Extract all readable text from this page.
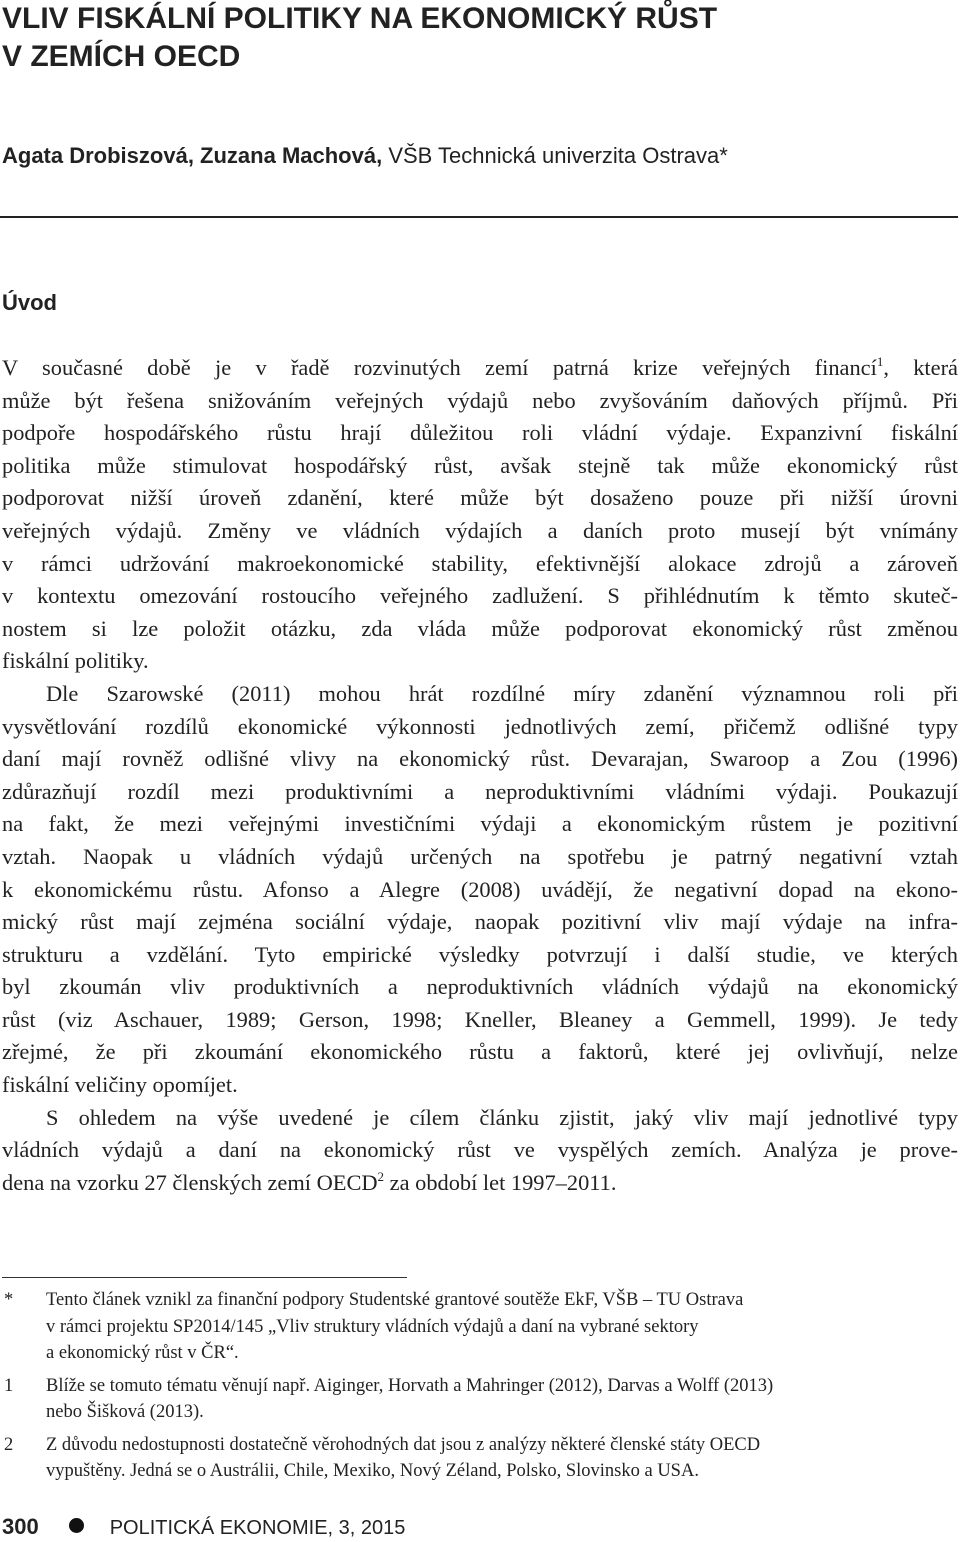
VLIV FISKÁLNÍ POLITIKY NA EKONOMICKÝ RŮST
V ZEMÍCH OECD
Agata Drobiszová, Zuzana Machová, VŠB Technická univerzita Ostrava*
Úvod
V současné době je v řadě rozvinutých zemí patrná krize veřejných financí$^1$, která
může být řešena snižováním veřejných výdajů nebo zvyšováním daňových příjmů. Při
podpoře hospodářského růstu hrají důležitou roli vládní výdaje. Expanzivní fiskální
politika může stimulovat hospodářský růst, avšak stejně tak může ekonomický růst
podporovat nižší úroveň zdanění, které může být dosaženo pouze při nižší úrovni
veřejných výdajů. Změny ve vládních výdajích a daních proto musejí být vnímány
v rámci udržování makroekonomické stability, efektivnější alokace zdrojů a zároveň
v kontextu omezování rostoucího veřejného zadlužení. S přihlédnutím k těmto skuteč-
nostem si lze položit otázku, zda vláda může podporovat ekonomický růst změnou
fiskální politiky.
Dle Szarowské (2011) mohou hrát rozdílné míry zdanění významnou roli při
vysvětlování rozdílů ekonomické výkonnosti jednotlivých zemí, přičemž odlišné typy
daní mají rovněž odlišné vlivy na ekonomický růst. Devarajan, Swaroop a Zou (1996)
zdůrazňují rozdíl mezi produktivními a neproduktivními vládními výdaji. Poukazují
na fakt, že mezi veřejnými investičními výdaji a ekonomickým růstem je pozitivní
vztah. Naopak u vládních výdajů určených na spotřebu je patrný negativní vztah
k ekonomickému růstu. Afonso a Alegre (2008) uvádějí, že negativní dopad na ekono-
mický růst mají zejména sociální výdaje, naopak pozitivní vliv mají výdaje na infra-
strukturu a vzdělání. Tyto empirické výsledky potvrzují i další studie, ve kterých
byl zkoumán vliv produktivních a neproduktivních vládních výdajů na ekonomický
růst (viz Aschauer, 1989; Gerson, 1998; Kneller, Bleaney a Gemmell, 1999). Je tedy
zřejmé, že při zkoumání ekonomického růstu a faktorů, které jej ovlivňují, nelze
fiskální veličiny opomíjet.
S ohledem na výše uvedené je cílem článku zjistit, jaký vliv mají jednotlivé typy
vládních výdajů a daní na ekonomický růst ve vyspělých zemích. Analýza je prove-
dena na vzorku 27 členských zemí OECD$^2$ za období let 1997–2011.
* Tento článek vznikl za finanční podpory Studentské grantové soutěže EkF, VŠB – TU Ostrava
v rámci projektu SP2014/145 „Vliv struktury vládních výdajů a daní na vybrané sektory
a ekonomický růst v ČR“.
1 Blíže se tomuto tématu věnují např. Aiginger, Horvath a Mahringer (2012), Darvas a Wolff (2013)
nebo Šišková (2013).
2 Z důvodu nedostupnosti dostatečně věrohodných dat jsou z analýzy některé členské státy OECD
vypuštěny. Jedná se o Austrálii, Chile, Mexiko, Nový Zéland, Polsko, Slovinsko a USA.
300	POLITICKÁ EKONOMIE, 3, 2015
